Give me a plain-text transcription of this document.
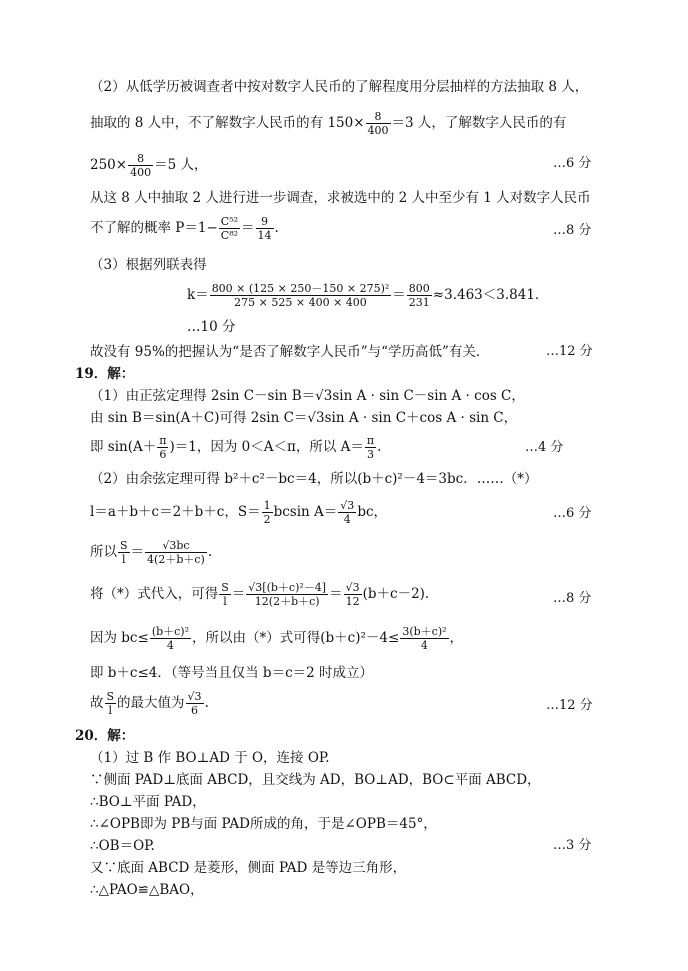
（2）从低学历被调查者中按对数字人民币的了解程度用分层抽样的方法抽取 8 人，
抽取的 8 人中，不了解数字人民币的有 $150\times \frac{8}{400} =3$ 人，了解数字人民币的有
$250\times \frac{8}{400} =5$ 人，	…6 分
从这 8 人中抽取 2 人进行进一步调查，求被选中的 2 人中至少有 1 人对数字人民币
不了解的概率 $P=1- \frac{\text{C⁵²}}{\text{C⁸²}} = \frac{9}{14}$ .	…8 分
（3）根据列联表得
$k= \frac{\text{800 × (125 × 250－150 × 275)²}}{275 \times 525 \times 400 \times 400} = \frac{800}{231} \approx 3.463<3.841$．
…10 分
故没有 95%的把握认为“是否了解数字人民币”与“学历高低”有关．	…12 分
19．解：
（1）由正弦定理得 2sin C－sin B＝√3sin A · sin C－sin A · cos C，
由 sin B＝sin(A＋C)可得 2sin C＝√3sin A · sin C＋cos A · sin C，
即 $\sin(A+ \frac{\pi}{6} )=1$，因为 0＜A＜π，所以 $A= \frac{\pi}{3}$ .	…4 分
（2）由余弦定理可得 b²＋c²－bc＝4，所以(b＋c)²－4＝3bc．……（*）
l＝a＋b＋c＝2＋b＋c，$S= \frac{1}{2}$ bcsin $A= \frac{√3}{4}$ bc，	…6 分
所以 $\frac{S}{l} = \frac{√3bc}{4(2+b+c)}$ .
将（*）式代入，可得 $\frac{S}{l} = \frac{\text{√3[(b＋c)²－4]}}{12(2+b+c)} = \frac{√3}{12} (b+c-2)$．	…8 分
因为 $bc\le \frac{\text{(b＋c)²}}{4}$ ，所以由（*）式可得$(b+c)^2-4\le \frac{\text{3(b＋c)²}}{4}$ ，
即 b＋c≤4．（等号当且仅当 b＝c＝2 时成立）
故 $\frac{S}{l}$ 的最大值为 $\frac{√3}{6}$ .	…12 分
20．解：
（1）过 B 作 BO⊥AD 于 O，连接 OP.
∵侧面 PAD⊥底面 ABCD，且交线为 AD，BO⊥AD，BO⊂平面 ABCD，
∴BO⊥平面 PAD，
∴∠OPB即为 PB与面 PAD所成的角，于是∠OPB＝45°，
∴OB＝OP.	…3 分
又∵底面 ABCD 是菱形，侧面 PAD 是等边三角形，
∴△PAO≌△BAO，
